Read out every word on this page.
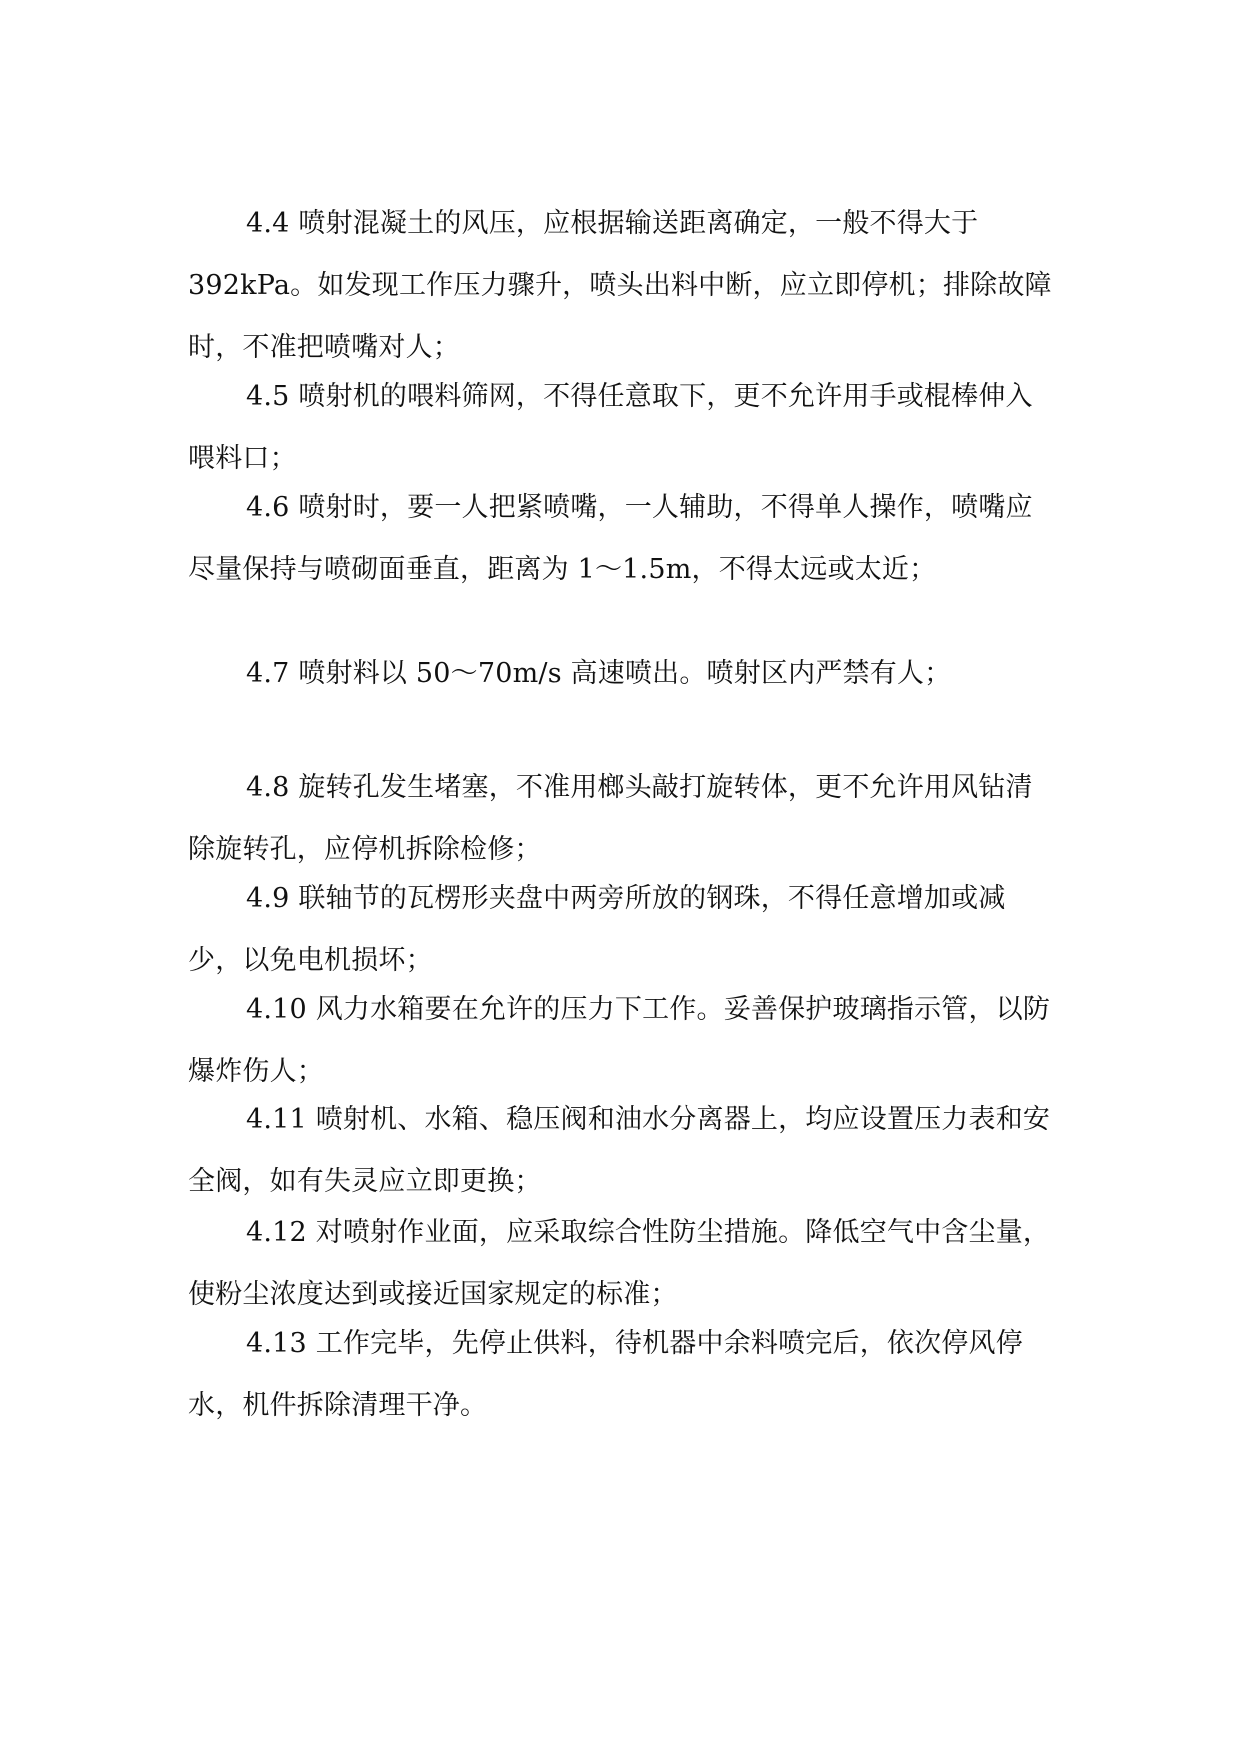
4.4 喷射混凝土的风压，应根据输送距离确定，一般不得大于392kPa。如发现工作压力骤升，喷头出料中断，应立即停机；排除故障时，不准把喷嘴对人；

4.5 喷射机的喂料筛网，不得任意取下，更不允许用手或棍棒伸入喂料口；

4.6 喷射时，要一人把紧喷嘴，一人辅助，不得单人操作，喷嘴应尽量保持与喷砌面垂直，距离为 1～1.5m，不得太远或太近；

4.7 喷射料以 50～70m/s 高速喷出。喷射区内严禁有人；

4.8 旋转孔发生堵塞，不准用榔头敲打旋转体，更不允许用风钻清除旋转孔，应停机拆除检修；

4.9 联轴节的瓦楞形夹盘中两旁所放的钢珠，不得任意增加或减少，以免电机损坏；

4.10 风力水箱要在允许的压力下工作。妥善保护玻璃指示管，以防爆炸伤人；

4.11 喷射机、水箱、稳压阀和油水分离器上，均应设置压力表和安全阀，如有失灵应立即更换；

4.12 对喷射作业面，应采取综合性防尘措施。降低空气中含尘量，使粉尘浓度达到或接近国家规定的标准；

4.13 工作完毕，先停止供料，待机器中余料喷完后，依次停风停水，机件拆除清理干净。
